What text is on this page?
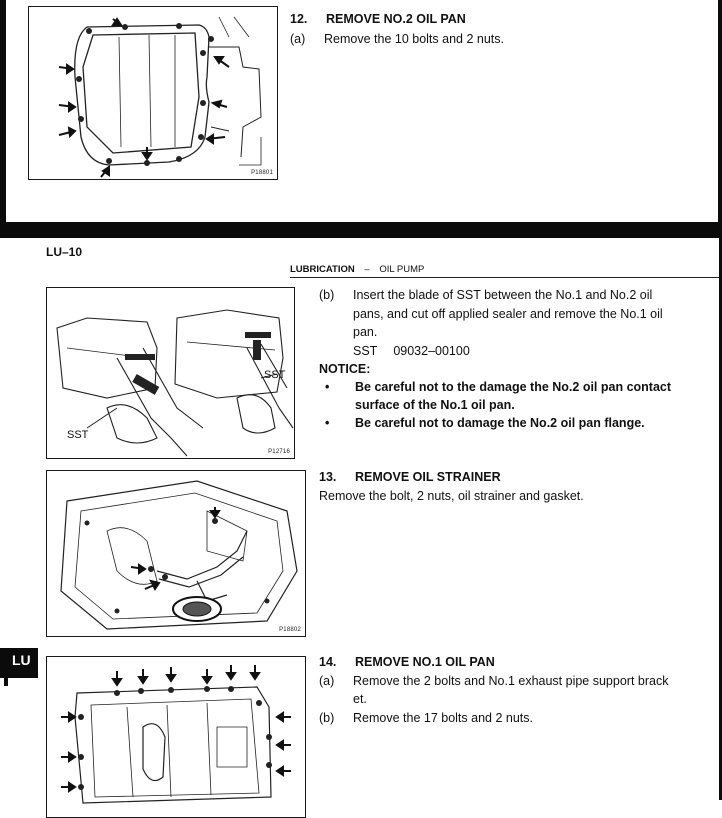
P18801
12. REMOVE NO.2 OIL PAN
(a) Remove the 10 bolts and 2 nuts.
LU–10
LUBRICATION – OIL PUMP
SST
SST
P12716
(b) Insert the blade of SST between the No.1 and No.2 oil
pans, and cut off applied sealer and remove the No.1 oil
pan.
SST 09032–00100
NOTICE:
• Be careful not to the damage the No.2 oil pan contact
surface of the No.1 oil pan.
• Be careful not to damage the No.2 oil pan flange.
P18802
13. REMOVE OIL STRAINER
Remove the bolt, 2 nuts, oil strainer and gasket.
LU	14. REMOVE NO.1 OIL PAN
(a) Remove the 2 bolts and No.1 exhaust pipe support brack
et.
(b) Remove the 17 bolts and 2 nuts.
